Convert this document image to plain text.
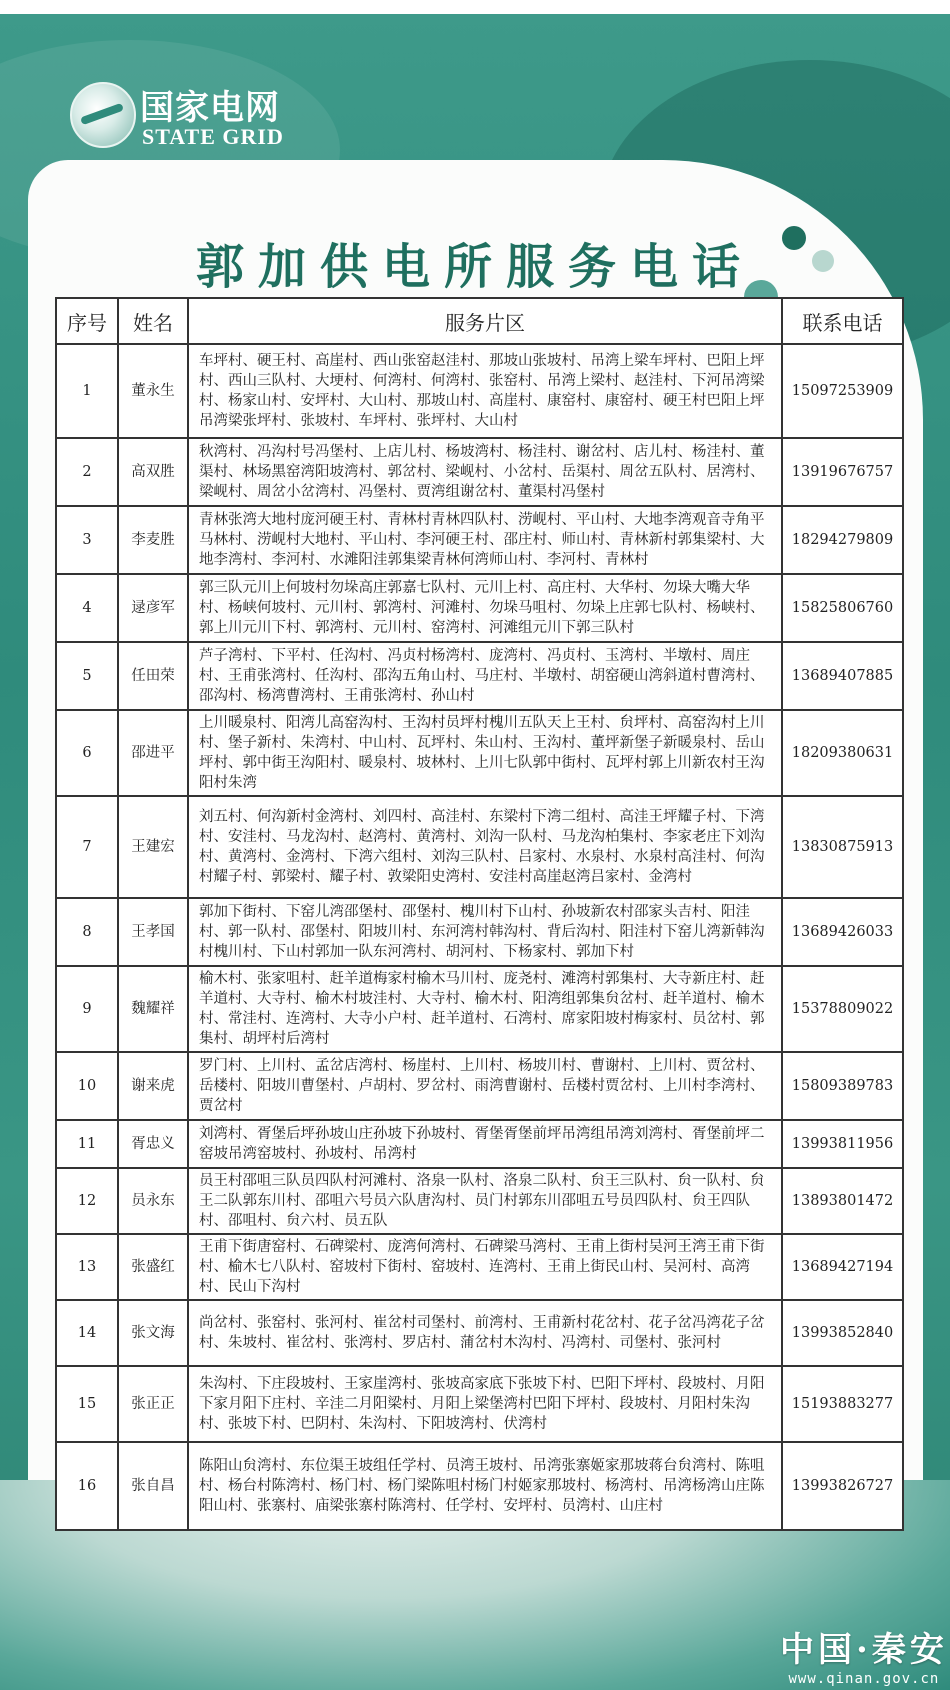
国家电网
STATE GRID
郭加供电所服务电话
序号	姓名	服务片区	联系电话
1	董永生	车坪村、硬王村、高崖村、西山张窑赵洼村、那坡山张坡村、吊湾上梁车坪村、巴阳上坪村、西山三队村、大埂村、何湾村、何湾村、张窑村、吊湾上梁村、赵洼村、下河吊湾梁村、杨家山村、安坪村、大山村、那坡山村、高崖村、康窑村、康窑村、硬王村巴阳上坪吊湾梁张坪村、张坡村、车坪村、张坪村、大山村	15097253909
2	高双胜	秋湾村、冯沟村号冯堡村、上店儿村、杨坡湾村、杨洼村、谢岔村、店儿村、杨洼村、董渠村、林场黑窑湾阳坡湾村、郭岔村、梁岘村、小岔村、岳渠村、周岔五队村、居湾村、梁岘村、周岔小岔湾村、冯堡村、贾湾组谢岔村、董渠村冯堡村	13919676757
3	李麦胜	青林张湾大地村庞河硬王村、青林村青林四队村、涝岘村、平山村、大地李湾观音寺角平马林村、涝岘村大地村、平山村、李河硬王村、邵庄村、师山村、青林新村郭集梁村、大地李湾村、李河村、水滩阳洼郭集梁青林何湾师山村、李河村、青林村	18294279809
4	逯彦军	郭三队元川上何坡村勿垛高庄郭嘉七队村、元川上村、高庄村、大华村、勿垛大嘴大华村、杨峡何坡村、元川村、郭湾村、河滩村、勿垛马咀村、勿垛上庄郭七队村、杨峡村、郭上川元川下村、郭湾村、元川村、窑湾村、河滩组元川下郭三队村	15825806760
5	任田荣	芦子湾村、下平村、任沟村、冯贞村杨湾村、庞湾村、冯贞村、玉湾村、半墩村、周庄村、王甫张湾村、任沟村、邵沟五角山村、马庄村、半墩村、胡窑硬山湾斜道村曹湾村、邵沟村、杨湾曹湾村、王甫张湾村、孙山村	13689407885
6	邵进平	上川暖泉村、阳湾儿高窑沟村、王沟村员坪村槐川五队天上王村、贠坪村、高窑沟村上川村、堡子新村、朱湾村、中山村、瓦坪村、朱山村、王沟村、董坪新堡子新暖泉村、岳山坪村、郭中街王沟阳村、暖泉村、坡林村、上川七队郭中街村、瓦坪村郭上川新农村王沟阳村朱湾	18209380631
7	王建宏	刘五村、何沟新村金湾村、刘四村、高洼村、东梁村下湾二组村、高洼王坪耀子村、下湾村、安洼村、马龙沟村、赵湾村、黄湾村、刘沟一队村、马龙沟柏集村、李家老庄下刘沟村、黄湾村、金湾村、下湾六组村、刘沟三队村、吕家村、水泉村、水泉村高洼村、何沟村耀子村、郭梁村、耀子村、敦梁阳史湾村、安洼村高崖赵湾吕家村、金湾村	13830875913
8	王孝国	郭加下街村、下窑儿湾邵堡村、邵堡村、槐川村下山村、孙坡新农村邵家头吉村、阳洼村、郭一队村、邵堡村、阳坡川村、东河湾村韩沟村、背后沟村、阳洼村下窑儿湾新韩沟村槐川村、下山村郭加一队东河湾村、胡河村、下杨家村、郭加下村	13689426033
9	魏耀祥	榆木村、张家咀村、赶羊道梅家村榆木马川村、庞尧村、滩湾村郭集村、大寺新庄村、赶羊道村、大寺村、榆木村坡洼村、大寺村、榆木村、阳湾组郭集贠岔村、赶羊道村、榆木村、常洼村、连湾村、大寺小户村、赶羊道村、石湾村、席家阳坡村梅家村、员岔村、郭集村、胡坪村后湾村	15378809022
10	谢来虎	罗门村、上川村、孟岔店湾村、杨崖村、上川村、杨坡川村、曹谢村、上川村、贾岔村、岳楼村、阳坡川曹堡村、卢胡村、罗岔村、雨湾曹谢村、岳楼村贾岔村、上川村李湾村、贾岔村	15809389783
11	胥忠义	刘湾村、胥堡后坪孙坡山庄孙坡下孙坡村、胥堡胥堡前坪吊湾组吊湾刘湾村、胥堡前坪二窑坡吊湾窑坡村、孙坡村、吊湾村	13993811956
12	员永东	员王村邵咀三队员四队村河滩村、洛泉一队村、洛泉二队村、贠王三队村、贠一队村、贠王二队郭东川村、邵咀六号员六队唐沟村、员门村郭东川邵咀五号员四队村、贠王四队村、邵咀村、贠六村、员五队	13893801472
13	张盛红	王甫下街唐窑村、石碑梁村、庞湾何湾村、石碑梁马湾村、王甫上街村吴河王湾王甫下街村、榆木七八队村、窑坡村下街村、窑坡村、连湾村、王甫上街民山村、吴河村、高湾村、民山下沟村	13689427194
14	张文海	尚岔村、张窑村、张河村、崔岔村司堡村、前湾村、王甫新村花岔村、花子岔冯湾花子岔村、朱坡村、崔岔村、张湾村、罗店村、蒲岔村木沟村、冯湾村、司堡村、张河村	13993852840
15	张正正	朱沟村、下庄段坡村、王家崖湾村、张坡高家底下张坡下村、巴阳下坪村、段坡村、月阳下家月阳下庄村、辛洼二月阳梁村、月阳上梁堡湾村巴阳下坪村、段坡村、月阳村朱沟村、张坡下村、巴阴村、朱沟村、下阳坡湾村、伏湾村	15193883277
16	张自昌	陈阳山贠湾村、东位渠王坡组任学村、员湾王坡村、吊湾张寨姬家那坡蒋台贠湾村、陈咀村、杨台村陈湾村、杨门村、杨门梁陈咀村杨门村姬家那坡村、杨湾村、吊湾杨湾山庄陈阳山村、张寨村、庙梁张寨村陈湾村、任学村、安坪村、员湾村、山庄村	13993826727
中国·秦安
www.qinan.gov.cn
